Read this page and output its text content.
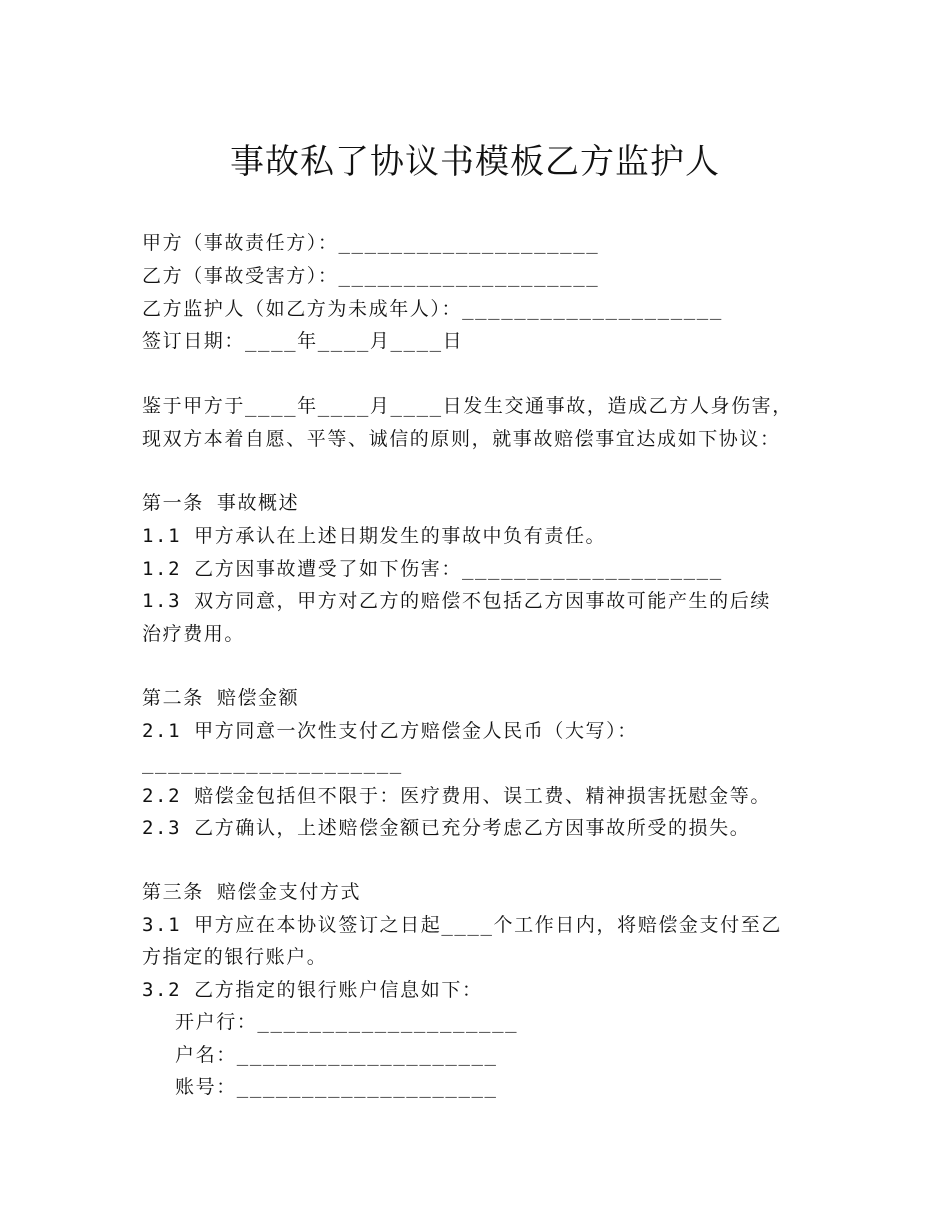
事故私了协议书模板乙方监护人
甲方（事故责任方）：____________________
乙方（事故受害方）：____________________
乙方监护人（如乙方为未成年人）：____________________
签订日期：____年____月____日
鉴于甲方于____年____月____日发生交通事故，造成乙方人身伤害，
现双方本着自愿、平等、诚信的原则，就事故赔偿事宜达成如下协议：
第一条 事故概述
1.1 甲方承认在上述日期发生的事故中负有责任。
1.2 乙方因事故遭受了如下伤害：____________________
1.3 双方同意，甲方对乙方的赔偿不包括乙方因事故可能产生的后续
治疗费用。
第二条 赔偿金额
2.1 甲方同意一次性支付乙方赔偿金人民币（大写）：
____________________
2.2 赔偿金包括但不限于：医疗费用、误工费、精神损害抚慰金等。
2.3 乙方确认，上述赔偿金额已充分考虑乙方因事故所受的损失。
第三条 赔偿金支付方式
3.1 甲方应在本协议签订之日起____个工作日内，将赔偿金支付至乙
方指定的银行账户。
3.2 乙方指定的银行账户信息如下：
开户行：____________________
户名：____________________
账号：____________________
